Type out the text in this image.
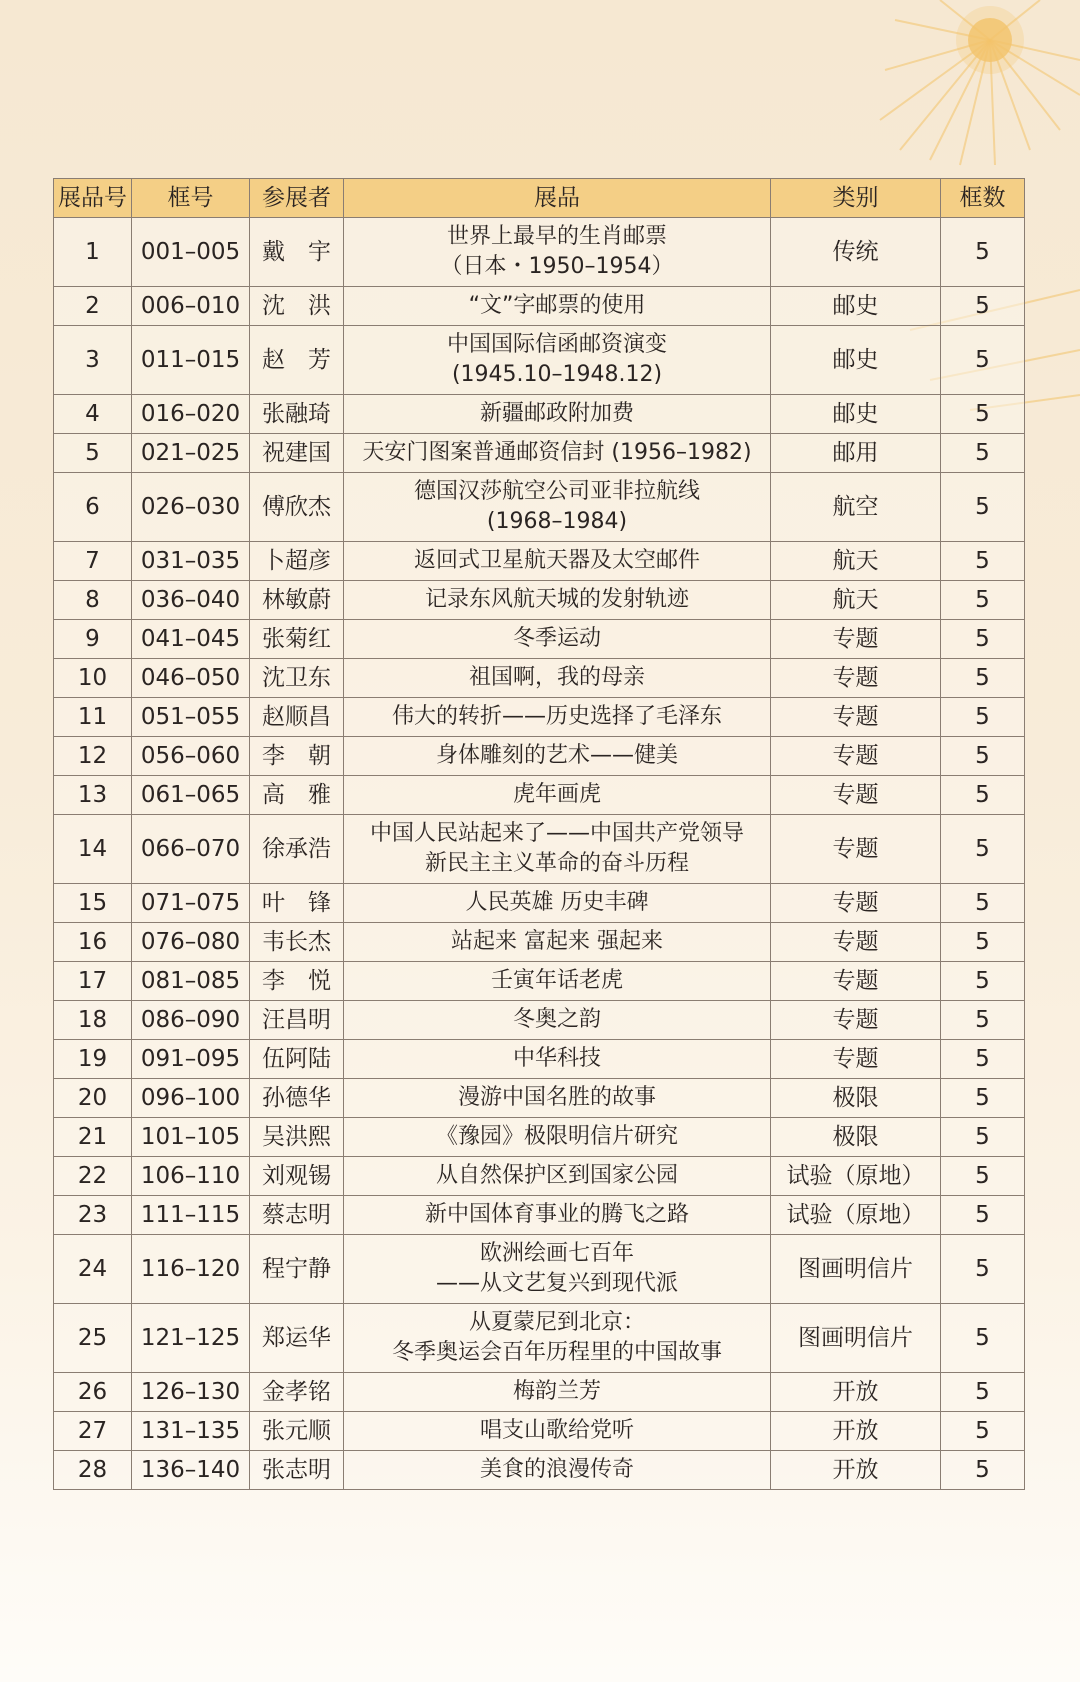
展品号	框号	参展者	展品	类别	框数
1	001–005	戴　宇	世界上最早的生肖邮票
（日本・1950–1954）	传统	5
2	006–010	沈　洪	“文”字邮票的使用	邮史	5
3	011–015	赵　芳	中国国际信函邮资演变
(1945.10–1948.12)	邮史	5
4	016–020	张融琦	新疆邮政附加费	邮史	5
5	021–025	祝建国	天安门图案普通邮资信封 (1956–1982)	邮用	5
6	026–030	傅欣杰	德国汉莎航空公司亚非拉航线
(1968–1984)	航空	5
7	031–035	卜超彦	返回式卫星航天器及太空邮件	航天	5
8	036–040	林敏蔚	记录东风航天城的发射轨迹	航天	5
9	041–045	张菊红	冬季运动	专题	5
10	046–050	沈卫东	祖国啊，我的母亲	专题	5
11	051–055	赵顺昌	伟大的转折——历史选择了毛泽东	专题	5
12	056–060	李　朝	身体雕刻的艺术——健美	专题	5
13	061–065	高　雅	虎年画虎	专题	5
14	066–070	徐承浩	中国人民站起来了——中国共产党领导
新民主主义革命的奋斗历程	专题	5
15	071–075	叶　锋	人民英雄 历史丰碑	专题	5
16	076–080	韦长杰	站起来 富起来 强起来	专题	5
17	081–085	李　悦	壬寅年话老虎	专题	5
18	086–090	汪昌明	冬奥之韵	专题	5
19	091–095	伍阿陆	中华科技	专题	5
20	096–100	孙德华	漫游中国名胜的故事	极限	5
21	101–105	吴洪熙	《豫园》极限明信片研究	极限	5
22	106–110	刘观锡	从自然保护区到国家公园	试验（原地）	5
23	111–115	蔡志明	新中国体育事业的腾飞之路	试验（原地）	5
24	116–120	程宁静	欧洲绘画七百年
——从文艺复兴到现代派	图画明信片	5
25	121–125	郑运华	从夏蒙尼到北京：
冬季奥运会百年历程里的中国故事	图画明信片	5
26	126–130	金孝铭	梅韵兰芳	开放	5
27	131–135	张元顺	唱支山歌给党听	开放	5
28	136–140	张志明	美食的浪漫传奇	开放	5
